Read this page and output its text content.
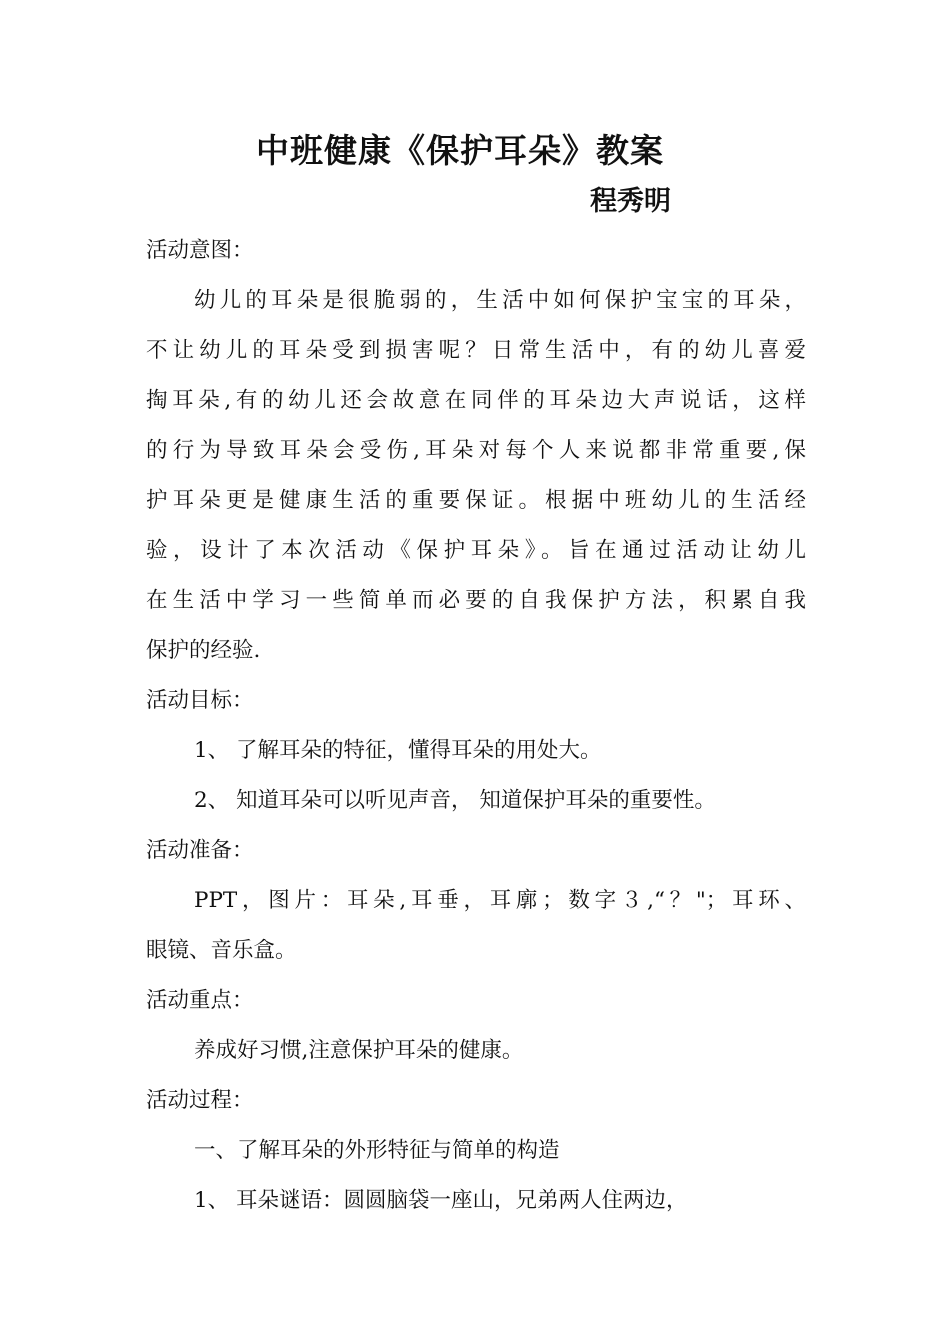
中班健康《保护耳朵》教案
程秀明
活动意图：
幼儿的耳朵是很脆弱的，生活中如何保护宝宝的耳朵，
不让幼儿的耳朵受到损害呢？日常生活中，有的幼儿喜爱
掏耳朵,有的幼儿还会故意在同伴的耳朵边大声说话，这样
的行为导致耳朵会受伤,耳朵对每个人来说都非常重要,保
护耳朵更是健康生活的重要保证。根据中班幼儿的生活经
验，设计了本次活动《保护耳朵》。旨在通过活动让幼儿
在生活中学习一些简单而必要的自我保护方法，积累自我
保护的经验.
活动目标：
1、 了解耳朵的特征，懂得耳朵的用处大。
2、 知道耳朵可以听见声音， 知道保护耳朵的重要性。
活动准备：
PPT，图片：耳朵,耳垂，耳廓；数字３,“？"；耳环、
眼镜、音乐盒。
活动重点：
养成好习惯,注意保护耳朵的健康。
活动过程：
一、了解耳朵的外形特征与简单的构造
1、 耳朵谜语：圆圆脑袋一座山，兄弟两人住两边，
